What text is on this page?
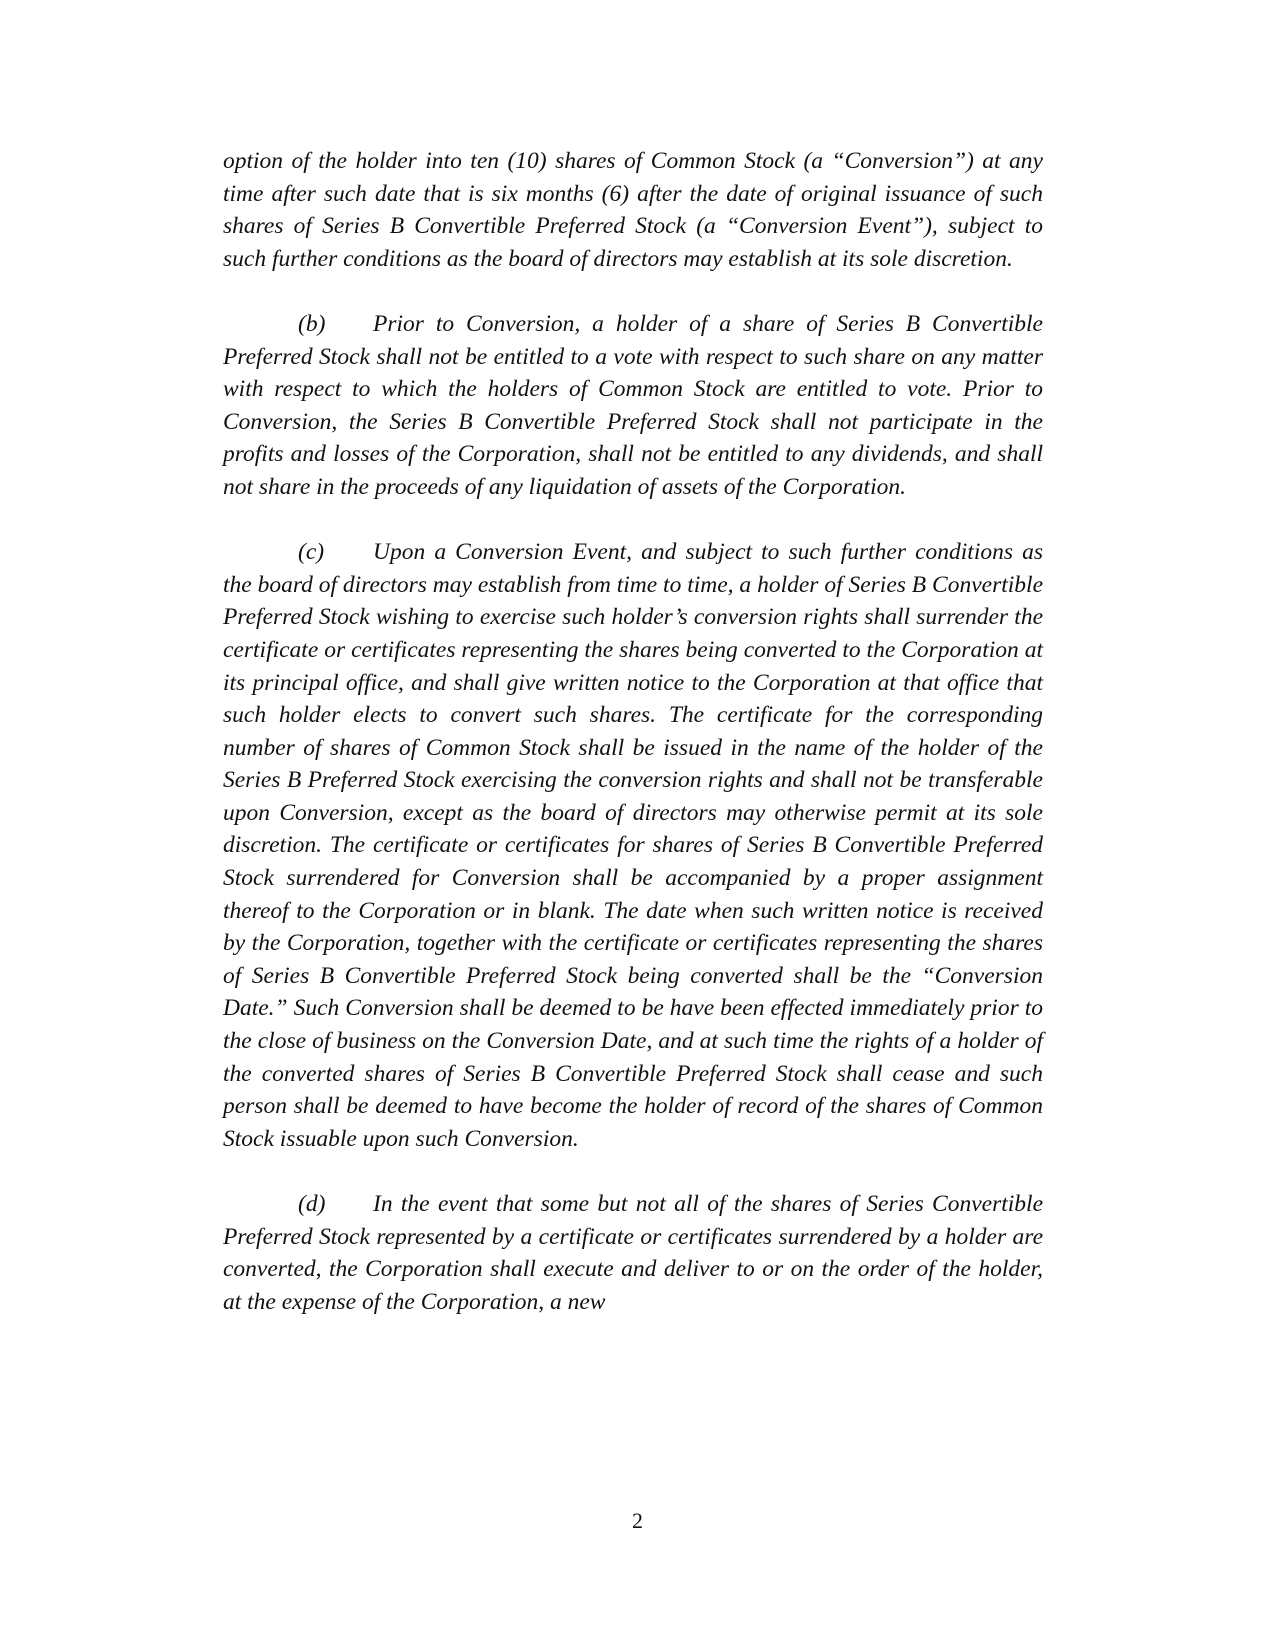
option of the holder into ten (10) shares of Common Stock (a “Conversion”) at any time after such date that is six months (6) after the date of original issuance of such shares of Series B Convertible Preferred Stock (a “Conversion Event”), subject to such further conditions as the board of directors may establish at its sole discretion.

(b) Prior to Conversion, a holder of a share of Series B Convertible Preferred Stock shall not be entitled to a vote with respect to such share on any matter with respect to which the holders of Common Stock are entitled to vote. Prior to Conversion, the Series B Convertible Preferred Stock shall not participate in the profits and losses of the Corporation, shall not be entitled to any dividends, and shall not share in the proceeds of any liquidation of assets of the Corporation.

(c) Upon a Conversion Event, and subject to such further conditions as the board of directors may establish from time to time, a holder of Series B Convertible Preferred Stock wishing to exercise such holder’s conversion rights shall surrender the certificate or certificates representing the shares being converted to the Corporation at its principal office, and shall give written notice to the Corporation at that office that such holder elects to convert such shares. The certificate for the corresponding number of shares of Common Stock shall be issued in the name of the holder of the Series B Preferred Stock exercising the conversion rights and shall not be transferable upon Conversion, except as the board of directors may otherwise permit at its sole discretion. The certificate or certificates for shares of Series B Convertible Preferred Stock surrendered for Conversion shall be accompanied by a proper assignment thereof to the Corporation or in blank. The date when such written notice is received by the Corporation, together with the certificate or certificates representing the shares of Series B Convertible Preferred Stock being converted shall be the “Conversion Date.” Such Conversion shall be deemed to be have been effected immediately prior to the close of business on the Conversion Date, and at such time the rights of a holder of the converted shares of Series B Convertible Preferred Stock shall cease and such person shall be deemed to have become the holder of record of the shares of Common Stock issuable upon such Conversion.

(d) In the event that some but not all of the shares of Series Convertible Preferred Stock represented by a certificate or certificates surrendered by a holder are converted, the Corporation shall execute and deliver to or on the order of the holder, at the expense of the Corporation, a new

2
